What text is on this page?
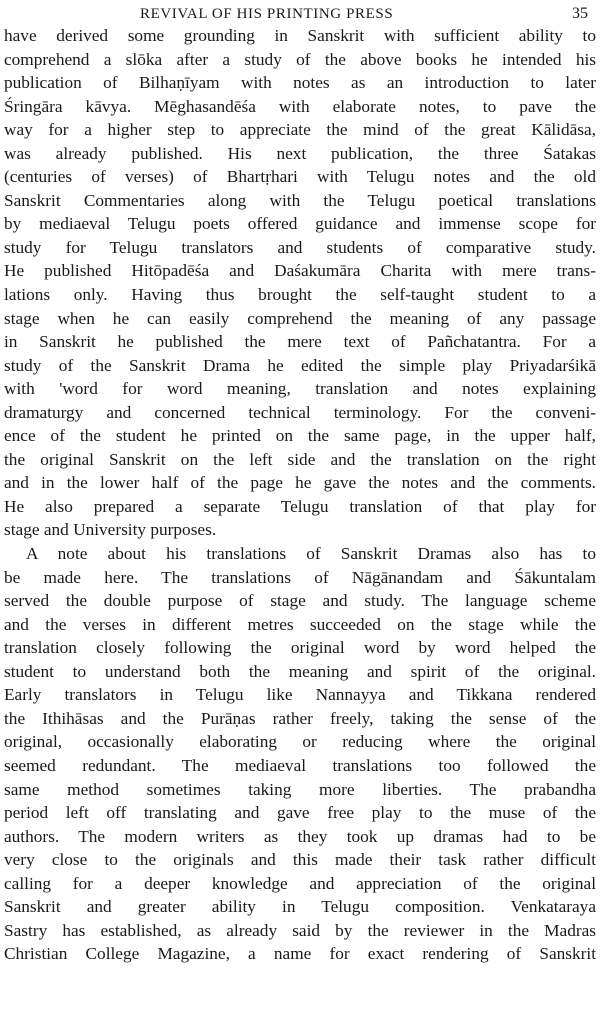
REVIVAL OF HIS PRINTING PRESS	35
have derived some grounding in Sanskrit with sufficient ability to
comprehend a slōka after a study of the above books he intended his
publication of Bilhaṇīyam with notes as an introduction to later
Śringāra kāvya. Mēghasandēśa with elaborate notes, to pave the
way for a higher step to appreciate the mind of the great Kālidāsa,
was already published. His next publication, the three Śatakas
(centuries of verses) of Bhartṛhari with Telugu notes and the old
Sanskrit Commentaries along with the Telugu poetical translations
by mediaeval Telugu poets offered guidance and immense scope for
study for Telugu translators and students of comparative study.
He published Hitōpadēśa and Daśakumāra Charita with mere trans-
lations only. Having thus brought the self-taught student to a
stage when he can easily comprehend the meaning of any passage
in Sanskrit he published the mere text of Pañchatantra. For a
study of the Sanskrit Drama he edited the simple play Priyadarśikā
with 'word for word meaning, translation and notes explaining
dramaturgy and concerned technical terminology. For the conveni-
ence of the student he printed on the same page, in the upper half,
the original Sanskrit on the left side and the translation on the right
and in the lower half of the page he gave the notes and the comments.
He also prepared a separate Telugu translation of that play for
stage and University purposes.
A note about his translations of Sanskrit Dramas also has to
be made here. The translations of Nāgānandam and Śākuntalam
served the double purpose of stage and study. The language scheme
and the verses in different metres succeeded on the stage while the
translation closely following the original word by word helped the
student to understand both the meaning and spirit of the original.
Early translators in Telugu like Nannayya and Tikkana rendered
the Ithihāsas and the Purāṇas rather freely, taking the sense of the
original, occasionally elaborating or reducing where the original
seemed redundant. The mediaeval translations too followed the
same method sometimes taking more liberties. The prabandha
period left off translating and gave free play to the muse of the
authors. The modern writers as they took up dramas had to be
very close to the originals and this made their task rather difficult
calling for a deeper knowledge and appreciation of the original
Sanskrit and greater ability in Telugu composition. Venkataraya
Sastry has established, as already said by the reviewer in the Madras
Christian College Magazine, a name for exact rendering of Sanskrit
